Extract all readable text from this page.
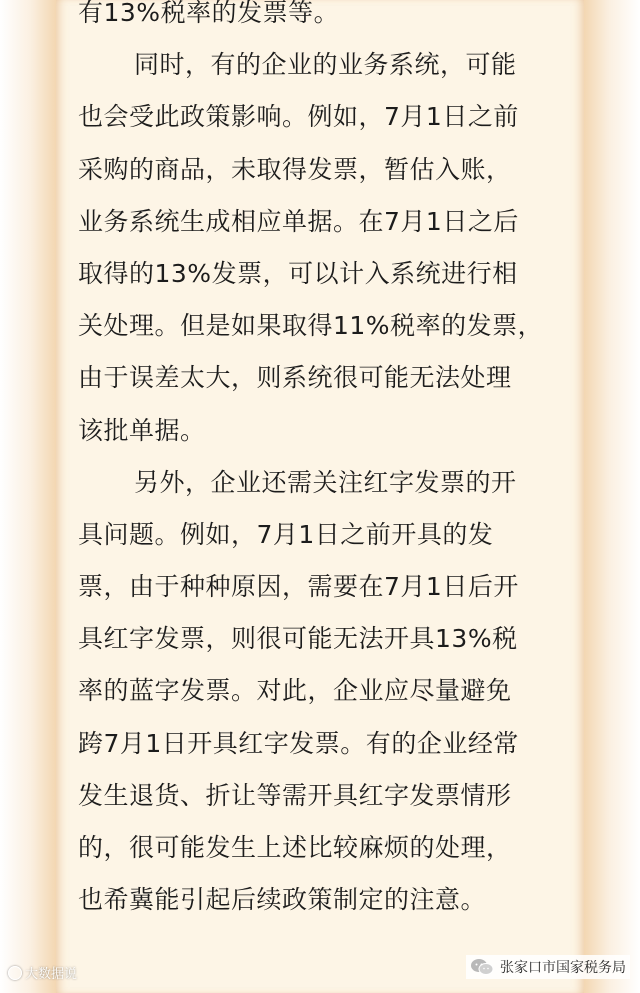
有13%税率的发票等。
同时，有的企业的业务系统，可能
也会受此政策影响。例如，7月1日之前
采购的商品，未取得发票，暂估入账，
业务系统生成相应单据。在7月1日之后
取得的13%发票，可以计入系统进行相
关处理。但是如果取得11%税率的发票，
由于误差太大，则系统很可能无法处理
该批单据。
另外，企业还需关注红字发票的开
具问题。例如，7月1日之前开具的发
票，由于种种原因，需要在7月1日后开
具红字发票，则很可能无法开具13%税
率的蓝字发票。对此，企业应尽量避免
跨7月1日开具红字发票。有的企业经常
发生退货、折让等需开具红字发票情形
的，很可能发生上述比较麻烦的处理，
也希冀能引起后续政策制定的注意。
大数据说	张家口市国家税务局
